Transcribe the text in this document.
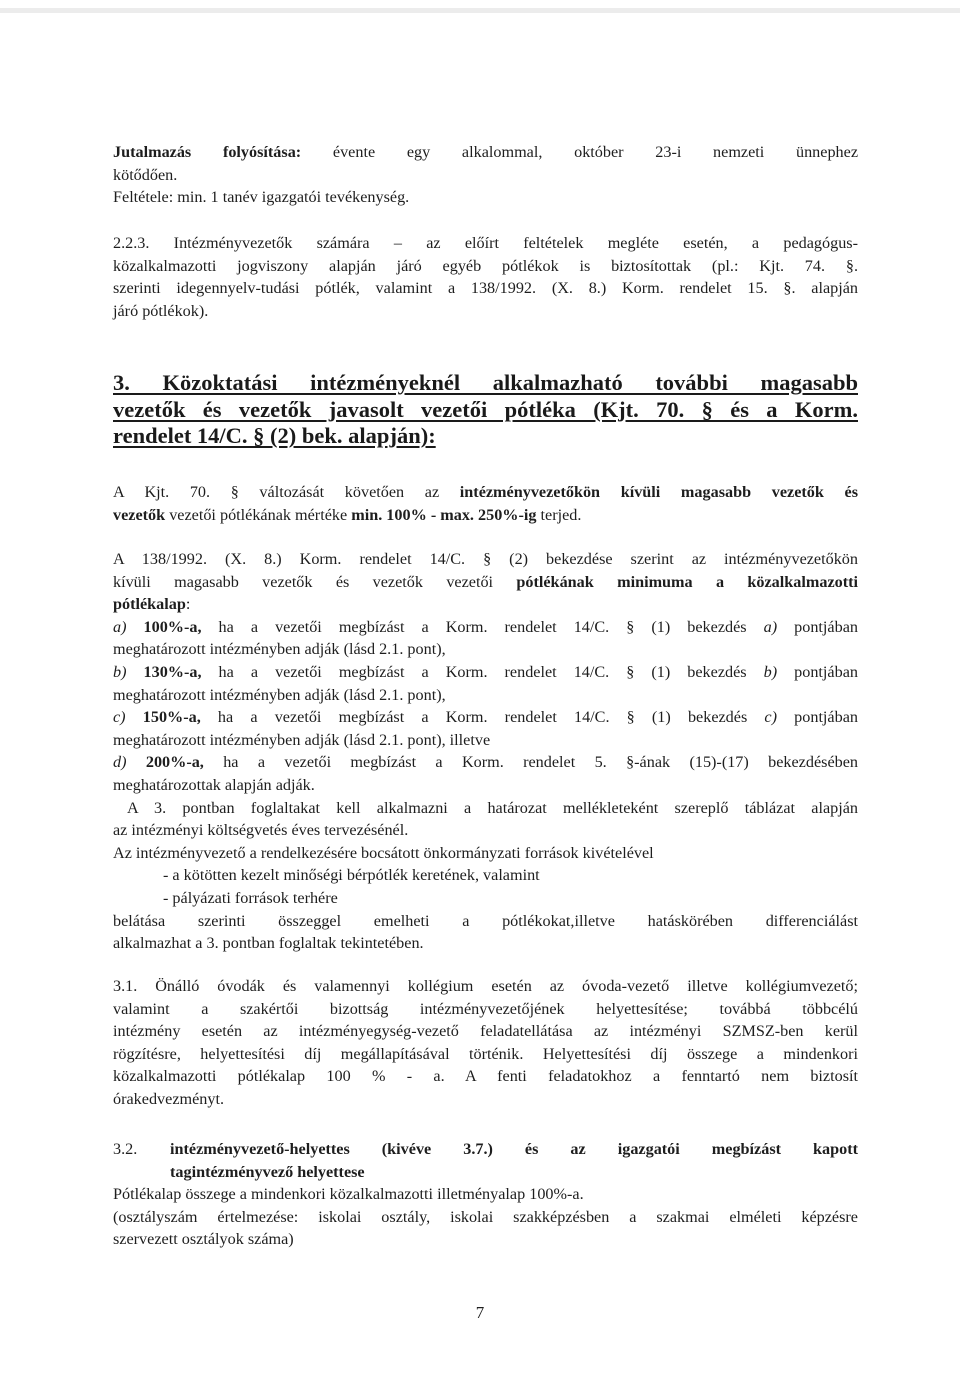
Jutalmazás folyósítása: évente egy alkalommal, október 23-i nemzeti ünnephez
kötődően.
Feltétele: min. 1 tanév igazgatói tevékenység.
2.2.3. Intézményvezetők számára – az előírt feltételek megléte esetén, a pedagógus-
közalkalmazotti jogviszony alapján járó egyéb pótlékok is biztosítottak (pl.: Kjt. 74. §.
szerinti idegennyelv-tudási pótlék, valamint a 138/1992. (X. 8.) Korm. rendelet 15. §. alapján
járó pótlékok).
3. Közoktatási intézményeknél alkalmazható további magasabb
vezetők és vezetők javasolt vezetői pótléka (Kjt. 70. § és a Korm.
rendelet 14/C. § (2) bek. alapján):
A Kjt. 70. § változását követően az intézményvezetőkön kívüli magasabb vezetők és
vezetők vezetői pótlékának mértéke min. 100% - max. 250%-ig terjed.
A 138/1992. (X. 8.) Korm. rendelet 14/C. § (2) bekezdése szerint az intézményvezetőkön
kívüli magasabb vezetők és vezetők vezetői pótlékának minimuma a közalkalmazotti
pótlékalap:
a) 100%-a, ha a vezetői megbízást a Korm. rendelet 14/C. § (1) bekezdés a) pontjában
meghatározott intézményben adják (lásd 2.1. pont),
b) 130%-a, ha a vezetői megbízást a Korm. rendelet 14/C. § (1) bekezdés b) pontjában
meghatározott intézményben adják (lásd 2.1. pont),
c) 150%-a, ha a vezetői megbízást a Korm. rendelet 14/C. § (1) bekezdés c) pontjában
meghatározott intézményben adják (lásd 2.1. pont), illetve
d) 200%-a, ha a vezetői megbízást a Korm. rendelet 5. §-ának (15)-(17) bekezdésében
meghatározottak alapján adják.
A 3. pontban foglaltakat kell alkalmazni a határozat mellékleteként szereplő táblázat alapján
az intézményi költségvetés éves tervezésénél.
Az intézményvezető a rendelkezésére bocsátott önkormányzati források kivételével
- a kötötten kezelt minőségi bérpótlék keretének, valamint
- pályázati források terhére
belátása szerinti összeggel emelheti a pótlékokat,illetve hatáskörében differenciálást
alkalmazhat a 3. pontban foglaltak tekintetében.
3.1. Önálló óvodák és valamennyi kollégium esetén az óvoda-vezető illetve kollégiumvezető;
valamint a szakértői bizottság intézményvezetőjének helyettesítése; továbbá többcélú
intézmény esetén az intézményegység-vezető feladatellátása az intézményi SZMSZ-ben kerül
rögzítésre, helyettesítési díj megállapításával történik. Helyettesítési díj összege a mindenkori
közalkalmazotti pótlékalap 100 % - a. A fenti feladatokhoz a fenntartó nem biztosít
órakedvezményt.
3.2. intézményvezető-helyettes (kivéve 3.7.) és az igazgatói megbízást kapott
tagintézményvező helyettese
Pótlékalap összege a mindenkori közalkalmazotti illetményalap 100%-a.
(osztályszám értelmezése: iskolai osztály, iskolai szakképzésben a szakmai elméleti képzésre
szervezett osztályok száma)
7
